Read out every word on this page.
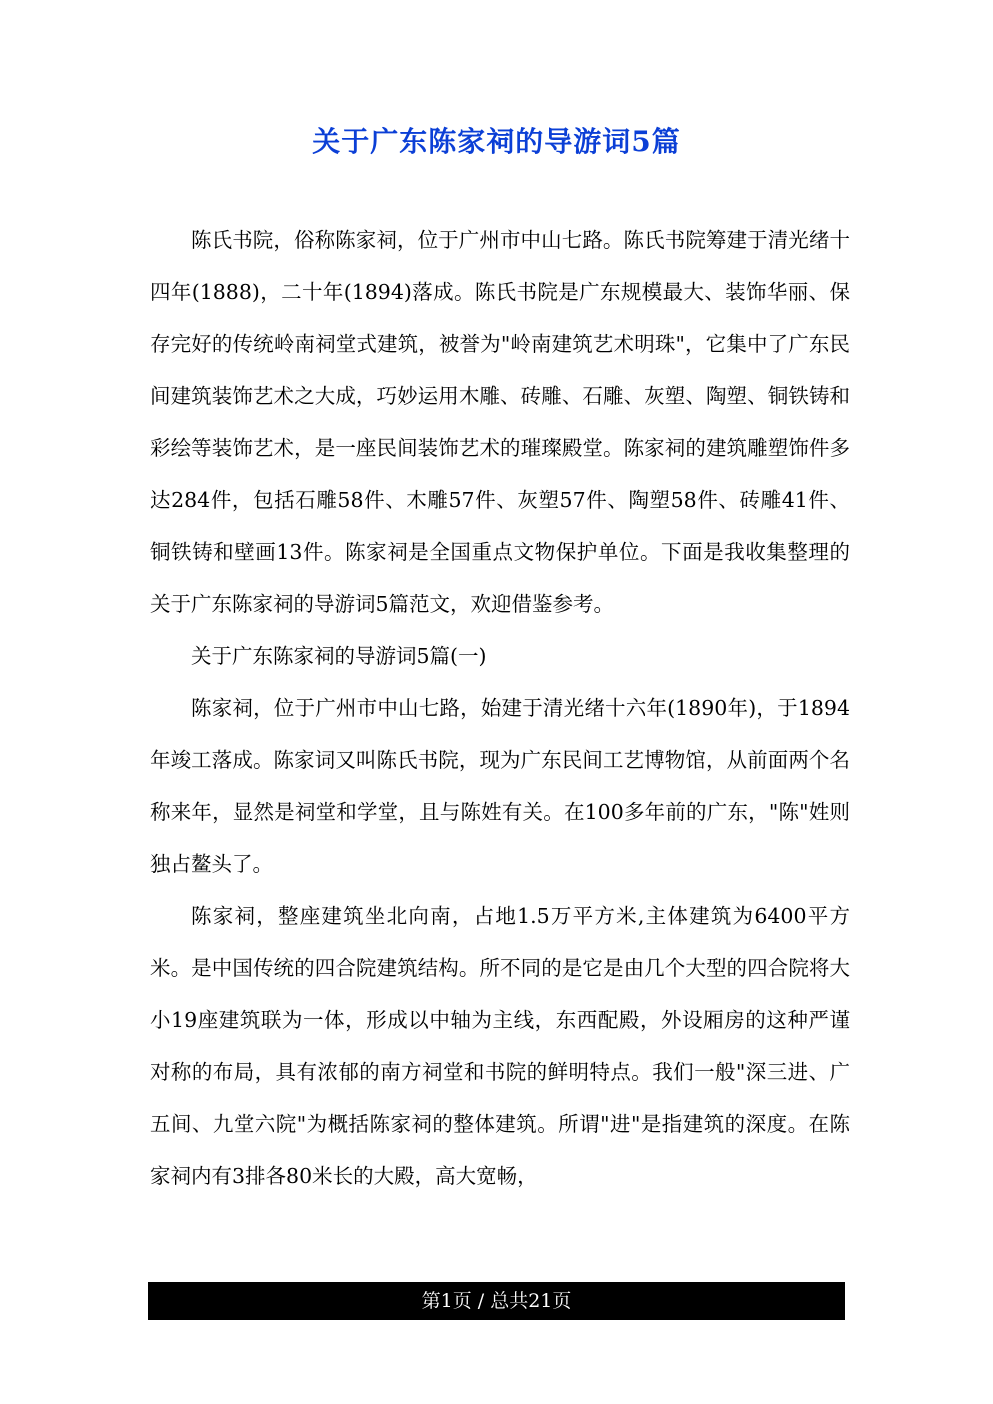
关于广东陈家祠的导游词5篇

陈氏书院，俗称陈家祠，位于广州市中山七路。陈氏书院筹建于清光绪十四年(1888)，二十年(1894)落成。陈氏书院是广东规模最大、装饰华丽、保存完好的传统岭南祠堂式建筑，被誉为"岭南建筑艺术明珠"，它集中了广东民间建筑装饰艺术之大成，巧妙运用木雕、砖雕、石雕、灰塑、陶塑、铜铁铸和彩绘等装饰艺术，是一座民间装饰艺术的璀璨殿堂。陈家祠的建筑雕塑饰件多达284件，包括石雕58件、木雕57件、灰塑57件、陶塑58件、砖雕41件、铜铁铸和壁画13件。陈家祠是全国重点文物保护单位。下面是我收集整理的关于广东陈家祠的导游词5篇范文，欢迎借鉴参考。

关于广东陈家祠的导游词5篇(一)

陈家祠，位于广州市中山七路，始建于清光绪十六年(1890年)，于1894年竣工落成。陈家词又叫陈氏书院，现为广东民间工艺博物馆，从前面两个名称来年，显然是祠堂和学堂，且与陈姓有关。在100多年前的广东，"陈"姓则独占鳌头了。

陈家祠，整座建筑坐北向南，占地1.5万平方米,主体建筑为6400平方米。是中国传统的四合院建筑结构。所不同的是它是由几个大型的四合院将大小19座建筑联为一体，形成以中轴为主线，东西配殿，外设厢房的这种严谨对称的布局，具有浓郁的南方祠堂和书院的鲜明特点。我们一般"深三进、广五间、九堂六院"为概括陈家祠的整体建筑。所谓"进"是指建筑的深度。在陈家祠内有3排各80米长的大殿，高大宽畅，

第1页 / 总共21页
